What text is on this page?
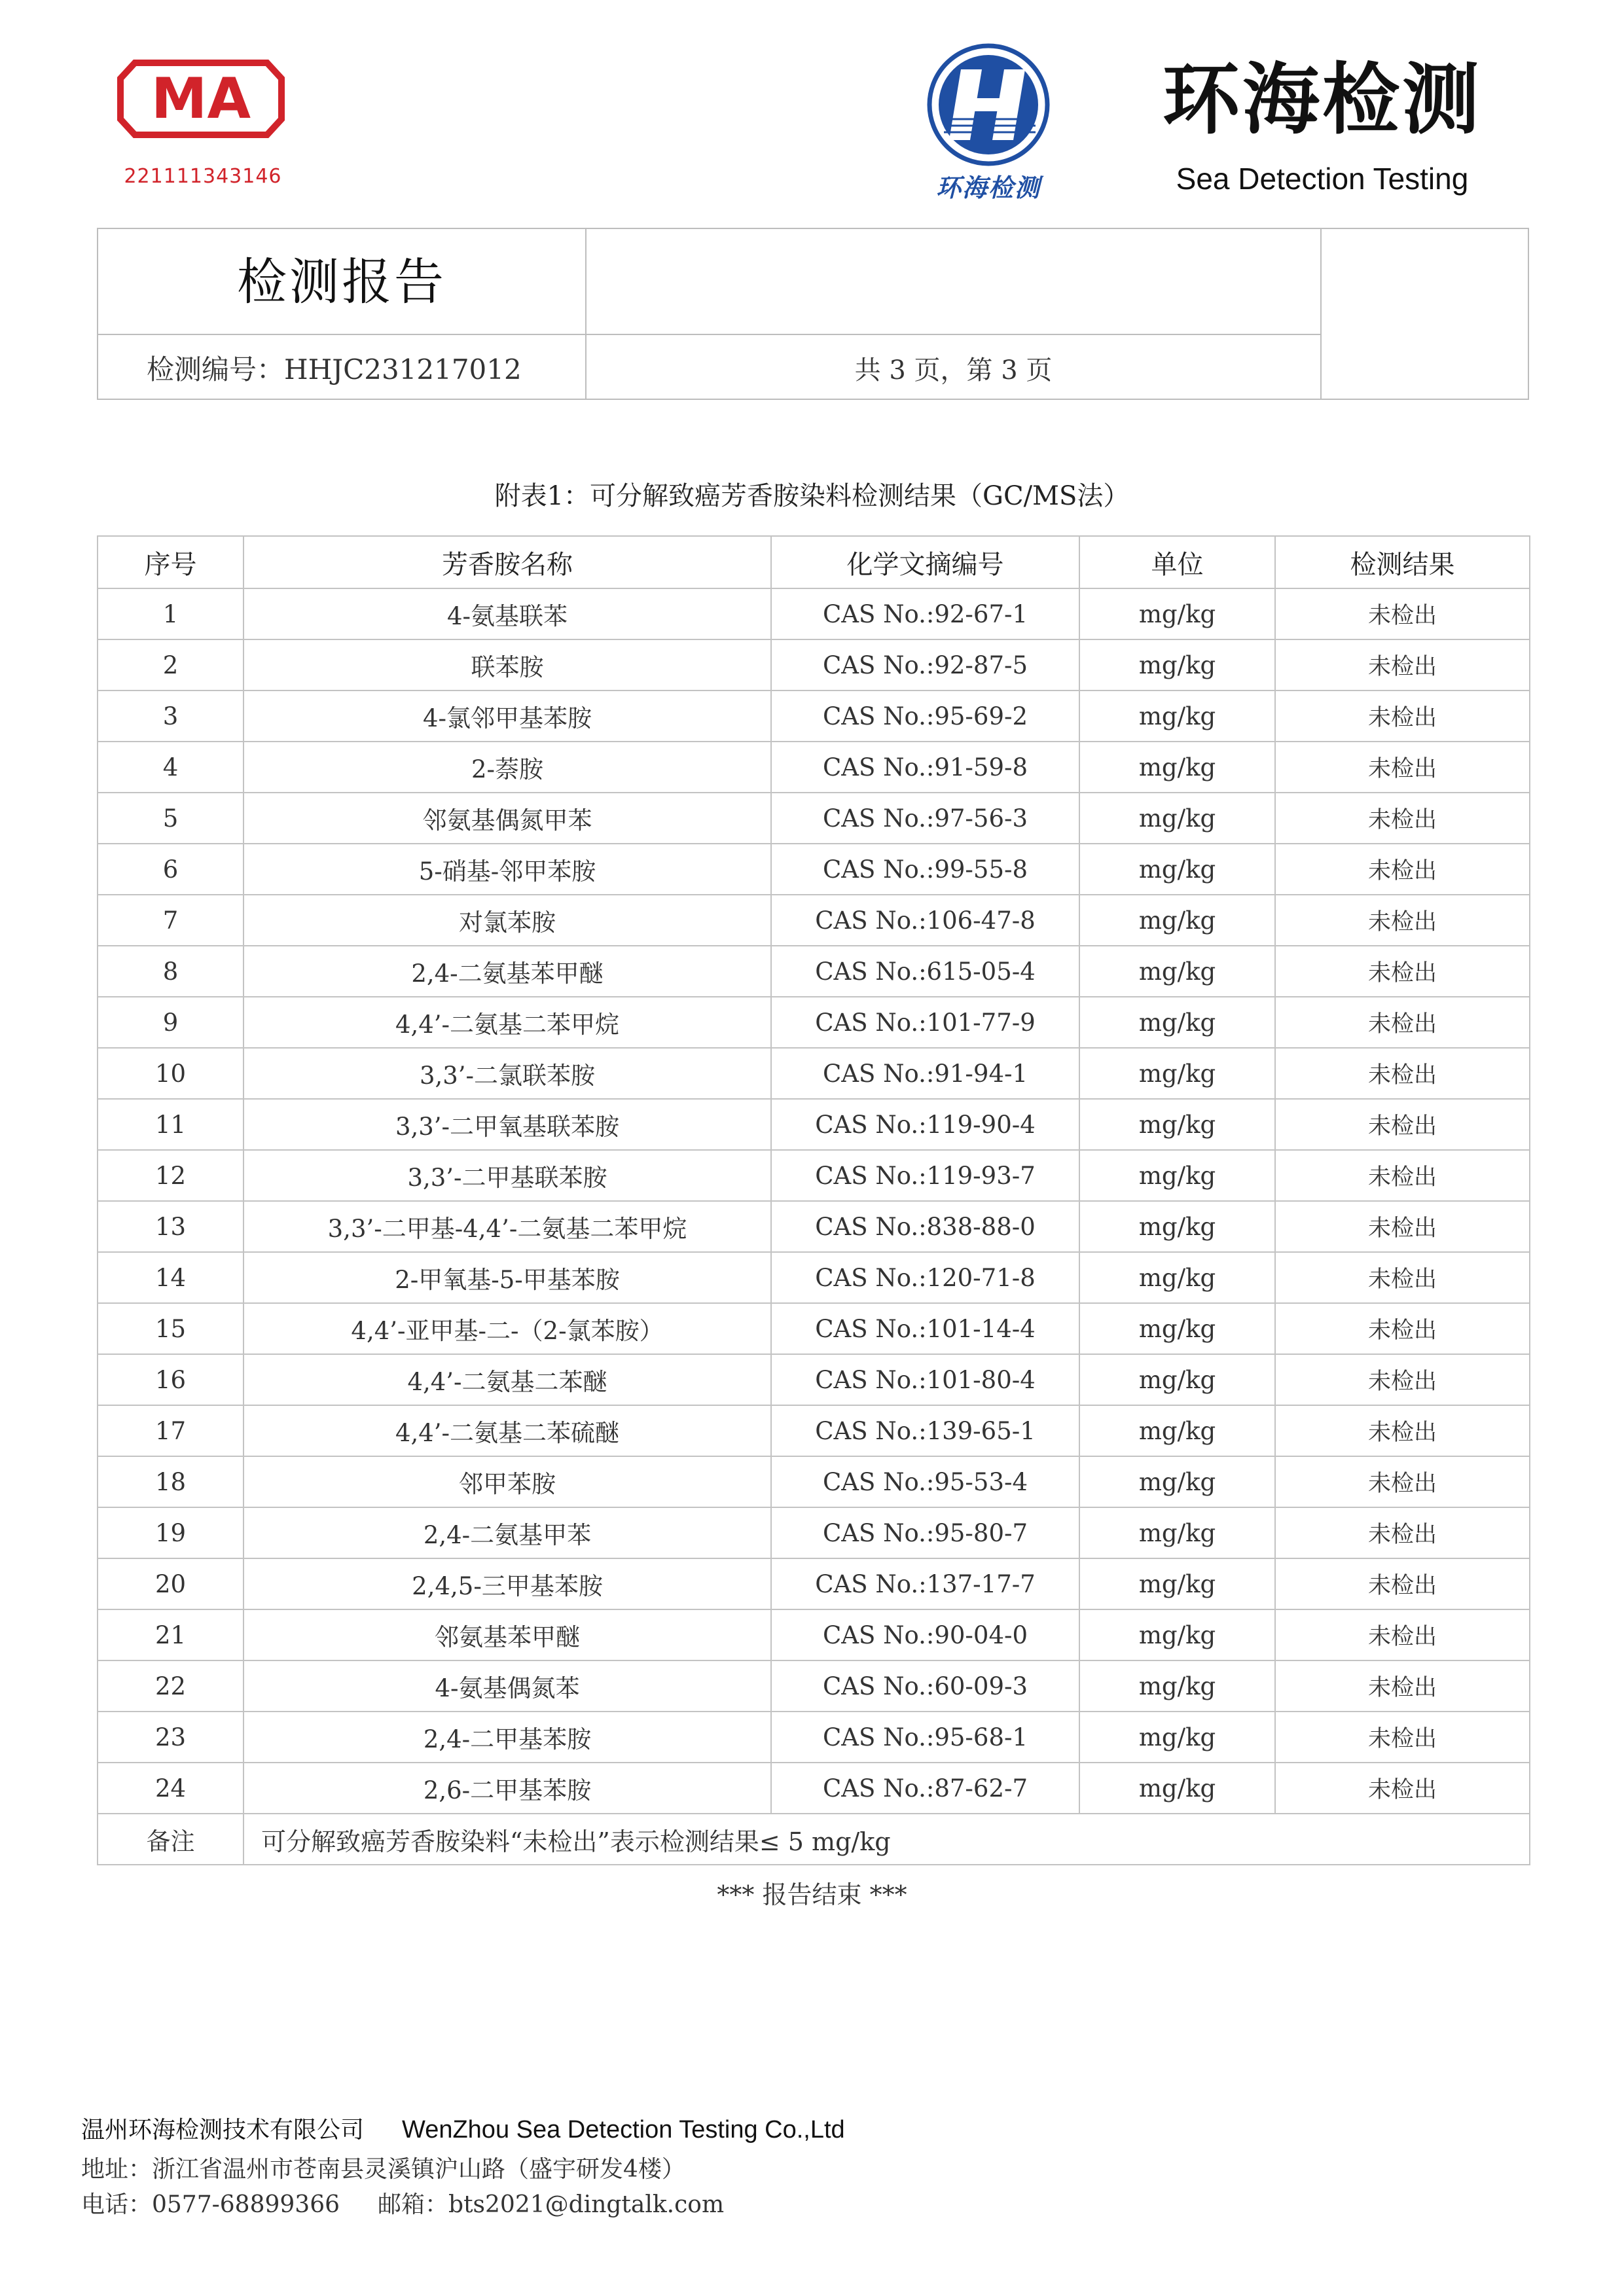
MA
221111343146	环海检测
环海检测
Sea Detection Testing
检测报告
检测编号：HHJC231217012	共 3 页，第 3 页
附表1：可分解致癌芳香胺染料检测结果（GC/MS法）
序号	芳香胺名称	化学文摘编号	单位	检测结果
1	4-氨基联苯	CAS No.:92-67-1	mg/kg	未检出
2	联苯胺	CAS No.:92-87-5	mg/kg	未检出
3	4-氯邻甲基苯胺	CAS No.:95-69-2	mg/kg	未检出
4	2-萘胺	CAS No.:91-59-8	mg/kg	未检出
5	邻氨基偶氮甲苯	CAS No.:97-56-3	mg/kg	未检出
6	5-硝基-邻甲苯胺	CAS No.:99-55-8	mg/kg	未检出
7	对氯苯胺	CAS No.:106-47-8	mg/kg	未检出
8	2,4-二氨基苯甲醚	CAS No.:615-05-4	mg/kg	未检出
9	4,4’-二氨基二苯甲烷	CAS No.:101-77-9	mg/kg	未检出
10	3,3’-二氯联苯胺	CAS No.:91-94-1	mg/kg	未检出
11	3,3’-二甲氧基联苯胺	CAS No.:119-90-4	mg/kg	未检出
12	3,3’-二甲基联苯胺	CAS No.:119-93-7	mg/kg	未检出
13	3,3’-二甲基-4,4’-二氨基二苯甲烷	CAS No.:838-88-0	mg/kg	未检出
14	2-甲氧基-5-甲基苯胺	CAS No.:120-71-8	mg/kg	未检出
15	4,4’-亚甲基-二-（2-氯苯胺）	CAS No.:101-14-4	mg/kg	未检出
16	4,4’-二氨基二苯醚	CAS No.:101-80-4	mg/kg	未检出
17	4,4’-二氨基二苯硫醚	CAS No.:139-65-1	mg/kg	未检出
18	邻甲苯胺	CAS No.:95-53-4	mg/kg	未检出
19	2,4-二氨基甲苯	CAS No.:95-80-7	mg/kg	未检出
20	2,4,5-三甲基苯胺	CAS No.:137-17-7	mg/kg	未检出
21	邻氨基苯甲醚	CAS No.:90-04-0	mg/kg	未检出
22	4-氨基偶氮苯	CAS No.:60-09-3	mg/kg	未检出
23	2,4-二甲基苯胺	CAS No.:95-68-1	mg/kg	未检出
24	2,6-二甲基苯胺	CAS No.:87-62-7	mg/kg	未检出
备注	可分解致癌芳香胺染料“未检出”表示检测结果≤ 5 mg/kg			
*** 报告结束 ***
温州环海检测技术有限公司 WenZhou Sea Detection Testing Co.,Ltd
地址：浙江省温州市苍南县灵溪镇沪山路（盛宇研发4楼）
电话：0577-68899366 邮箱：bts2021@dingtalk.com
